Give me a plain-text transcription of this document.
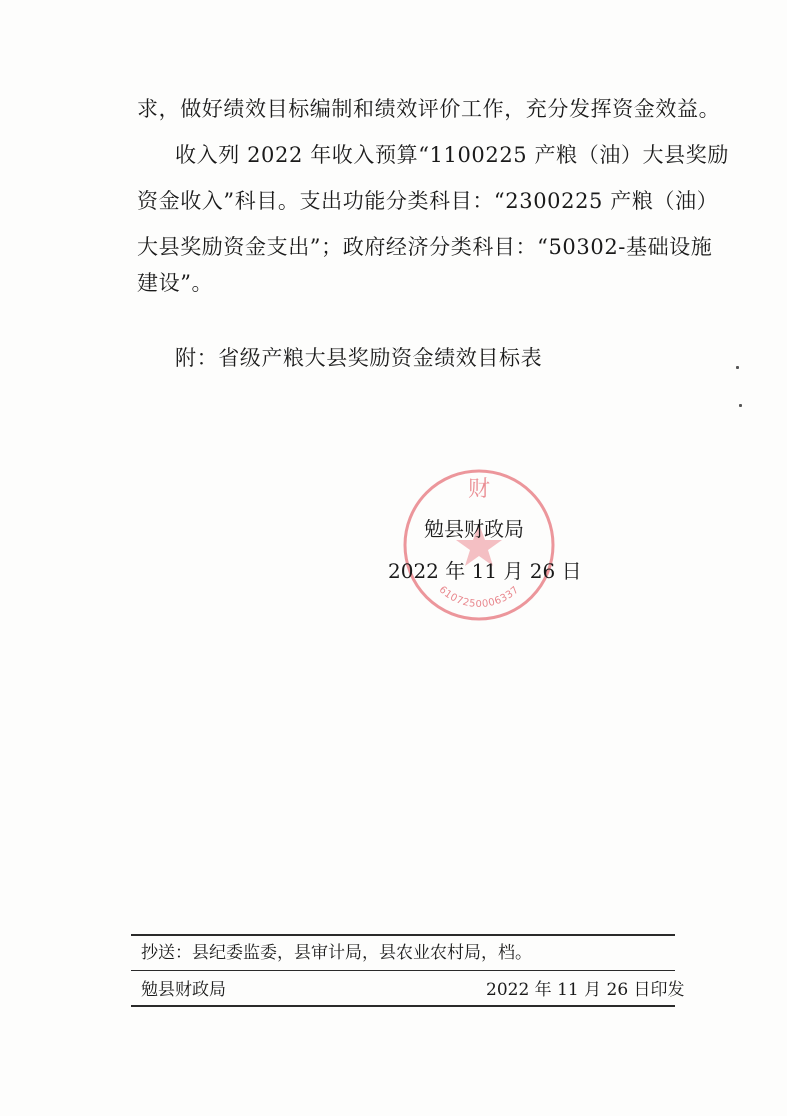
求，做好绩效目标编制和绩效评价工作，充分发挥资金效益。
收入列 2022 年收入预算“1100225 产粮（油）大县奖励
资金收入”科目。支出功能分类科目：“2300225 产粮（油）
大县奖励资金支出”；政府经济分类科目：“50302-基础设施
建设”。
附：省级产粮大县奖励资金绩效目标表
财
6107250006337
勉县财政局
2022 年 11 月 26 日
抄送：县纪委监委，县审计局，县农业农村局，档。
勉县财政局	2022 年 11 月 26 日印发
